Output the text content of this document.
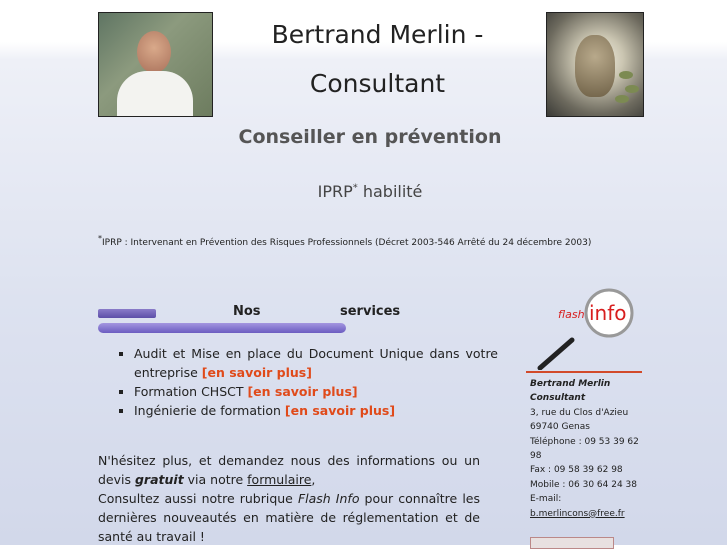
Bertrand Merlin -
Consultant
Conseiller en prévention
IPRP* habilité
*IPRP : Intervenant en Prévention des Risques Professionnels (Décret 2003-546 Arrêté du 24 décembre 2003)
Nos	services
▪ Audit et Mise en place du Document Unique dans votre entreprise [en savoir plus]
▪ Formation CHSCT [en savoir plus]
▪ Ingénierie de formation [en savoir plus]
N'hésitez plus, et demandez nous des informations ou un devis gratuit via notre formulaire,
Consultez aussi notre rubrique Flash Info pour connaître les dernières nouveautés en matière de réglementation et de santé au travail !
flash info
Bertrand Merlin
Consultant
3, rue du Clos d'Azieu
69740 Genas
Téléphone : 09 53 39 62 98
Fax : 09 58 39 62 98
Mobile : 06 30 64 24 38
E-mail:
b.merlincons@free.fr
